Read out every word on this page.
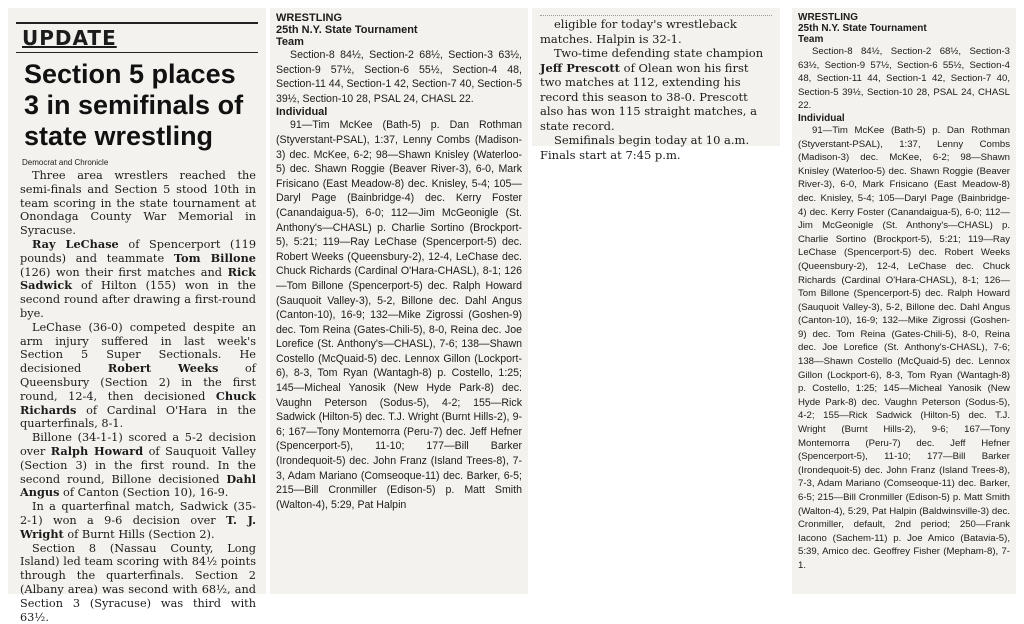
UPDATE
Section 5 places 3 in semifinals of state wrestling
Democrat and Chronicle

Three area wrestlers reached the semi-finals and Section 5 stood 10th in team scoring in the state tournament at Onondaga County War Memorial in Syracuse.

Ray LeChase of Spencerport (119 pounds) and teammate Tom Billone (126) won their first matches and Rick Sadwick of Hilton (155) won in the second round after drawing a first-round bye.

LeChase (36-0) competed despite an arm injury suffered in last week's Section 5 Super Sectionals. He decisioned Robert Weeks of Queensbury (Section 2) in the first round, 12-4, then decisioned Chuck Richards of Cardinal O'Hara in the quarterfinals, 8-1.

Billone (34-1-1) scored a 5-2 decision over Ralph Howard of Sauquoit Valley (Section 3) in the first round. In the second round, Billone decisioned Dahl Angus of Canton (Section 10), 16-9.

In a quarterfinal match, Sadwick (35-2-1) won a 9-6 decision over T. J. Wright of Burnt Hills (Section 2).

Section 8 (Nassau County, Long Island) led team scoring with 84½ points through the quarterfinals. Section 2 (Albany area) was second with 68½, and Section 3 (Syracuse) was third with 63½.

WRESTLING
25th N.Y. State Tournament
Team

Section-8 84½, Section-2 68½, Section-3 63½, Section-9 57½, Section-6 55½, Section-4 48, Section-11 44, Section-1 42, Section-7 40, Section-5 39½, Section-10 28, PSAL 24, CHASL 22.

Individual

91—Tim McKee (Bath-5) p. Dan Rothman (Styverstant-PSAL), 1:37, Lenny Combs (Madison-3) dec. McKee, 6-2; 98—Shawn Knisley (Waterloo-5) dec. Shawn Roggie (Beaver River-3), 6-0, Mark Frisicano (East Meadow-8) dec. Knisley, 5-4; 105—Daryl Page (Bainbridge-4) dec. Kerry Foster (Canandaigua-5), 6-0; 112—Jim McGeonigle (St. Anthony's—CHASL) p. Charlie Sortino (Brockport-5), 5:21; 119—Ray LeChase (Spencerport-5) dec. Robert Weeks (Queensbury-2), 12-4, LeChase dec. Chuck Richards (Cardinal O'Hara-CHASL), 8-1; 126—Tom Billone (Spencerport-5) dec. Ralph Howard (Sauquoit Valley-3), 5-2, Billone dec. Dahl Angus (Canton-10), 16-9; 132—Mike Zigrossi (Goshen-9) dec. Tom Reina (Gates-Chili-5), 8-0, Reina dec. Joe Lorefice (St. Anthony's—CHASL), 7-6; 138—Shawn Costello (McQuaid-5) dec. Lennox Gillon (Lockport-6), 8-3, Tom Ryan (Wantagh-8) p. Costello, 1:25; 145—Micheal Yanosik (New Hyde Park-8) dec. Vaughn Peterson (Sodus-5), 4-2; 155—Rick Sadwick (Hilton-5) dec. T.J. Wright (Burnt Hills-2), 9-6; 167—Tony Montemorra (Peru-7) dec. Jeff Hefner (Spencerport-5), 11-10; 177—Bill Barker (Irondequoit-5) dec. John Franz (Island Trees-8), 7-3, Adam Mariano (Comseoque-11) dec. Barker, 6-5; 215—Bill Cronmiller (Edison-5) p. Matt Smith (Walton-4), 5:29, Pat Halpin

eligible for today's wrestleback matches. Halpin is 32-1.

Two-time defending state champion Jeff Prescott of Olean won his first two matches at 112, extending his record this season to 38-0. Prescott also has won 115 straight matches, a state record.

Semifinals begin today at 10 a.m. Finals start at 7:45 p.m.

WRESTLING
25th N.Y. State Tournament
Team

Section-8 84½, Section-2 68½, Section-3 63½, Section-9 57½, Section-6 55½, Section-4 48, Section-11 44, Section-1 42, Section-7 40, Section-5 39½, Section-10 28, PSAL 24, CHASL 22.

Individual

91—Tim McKee (Bath-5) p. Dan Rothman (Styverstant-PSAL), 1:37, Lenny Combs (Madison-3) dec. McKee, 6-2; 98—Shawn Knisley (Waterloo-5) dec. Shawn Roggie (Beaver River-3), 6-0, Mark Frisicano (East Meadow-8) dec. Knisley, 5-4; 105—Daryl Page (Bainbridge-4) dec. Kerry Foster (Canandaigua-5), 6-0; 112—Jim McGeonigle (St. Anthony's—CHASL) p. Charlie Sortino (Brockport-5), 5:21; 119—Ray LeChase (Spencerport-5) dec. Robert Weeks (Queensbury-2), 12-4, LeChase dec. Chuck Richards (Cardinal O'Hara-CHASL), 8-1; 126—Tom Billone (Spencerport-5) dec. Ralph Howard (Sauquoit Valley-3), 5-2, Billone dec. Dahl Angus (Canton-10), 16-9; 132—Mike Zigrossi (Goshen-9) dec. Tom Reina (Gates-Chili-5), 8-0, Reina dec. Joe Lorefice (St. Anthony's-CHASL), 7-6; 138—Shawn Costello (McQuaid-5) dec. Lennox Gillon (Lockport-6), 8-3, Tom Ryan (Wantagh-8) p. Costello, 1:25; 145—Micheal Yanosik (New Hyde Park-8) dec. Vaughn Peterson (Sodus-5), 4-2; 155—Rick Sadwick (Hilton-5) dec. T.J. Wright (Burnt Hills-2), 9-6; 167—Tony Montemorra (Peru-7) dec. Jeff Hefner (Spencerport-5), 11-10; 177—Bill Barker (Irondequoit-5) dec. John Franz (Island Trees-8), 7-3, Adam Mariano (Comseoque-11) dec. Barker, 6-5; 215—Bill Cronmiller (Edison-5) p. Matt Smith (Walton-4), 5:29, Pat Halpin (Baldwinsville-3) dec. Cronmiller, default, 2nd period; 250—Frank Iacono (Sachem-11) p. Joe Amico (Batavia-5), 5:39, Amico dec. Geoffrey Fisher (Mepham-8), 7-1.
